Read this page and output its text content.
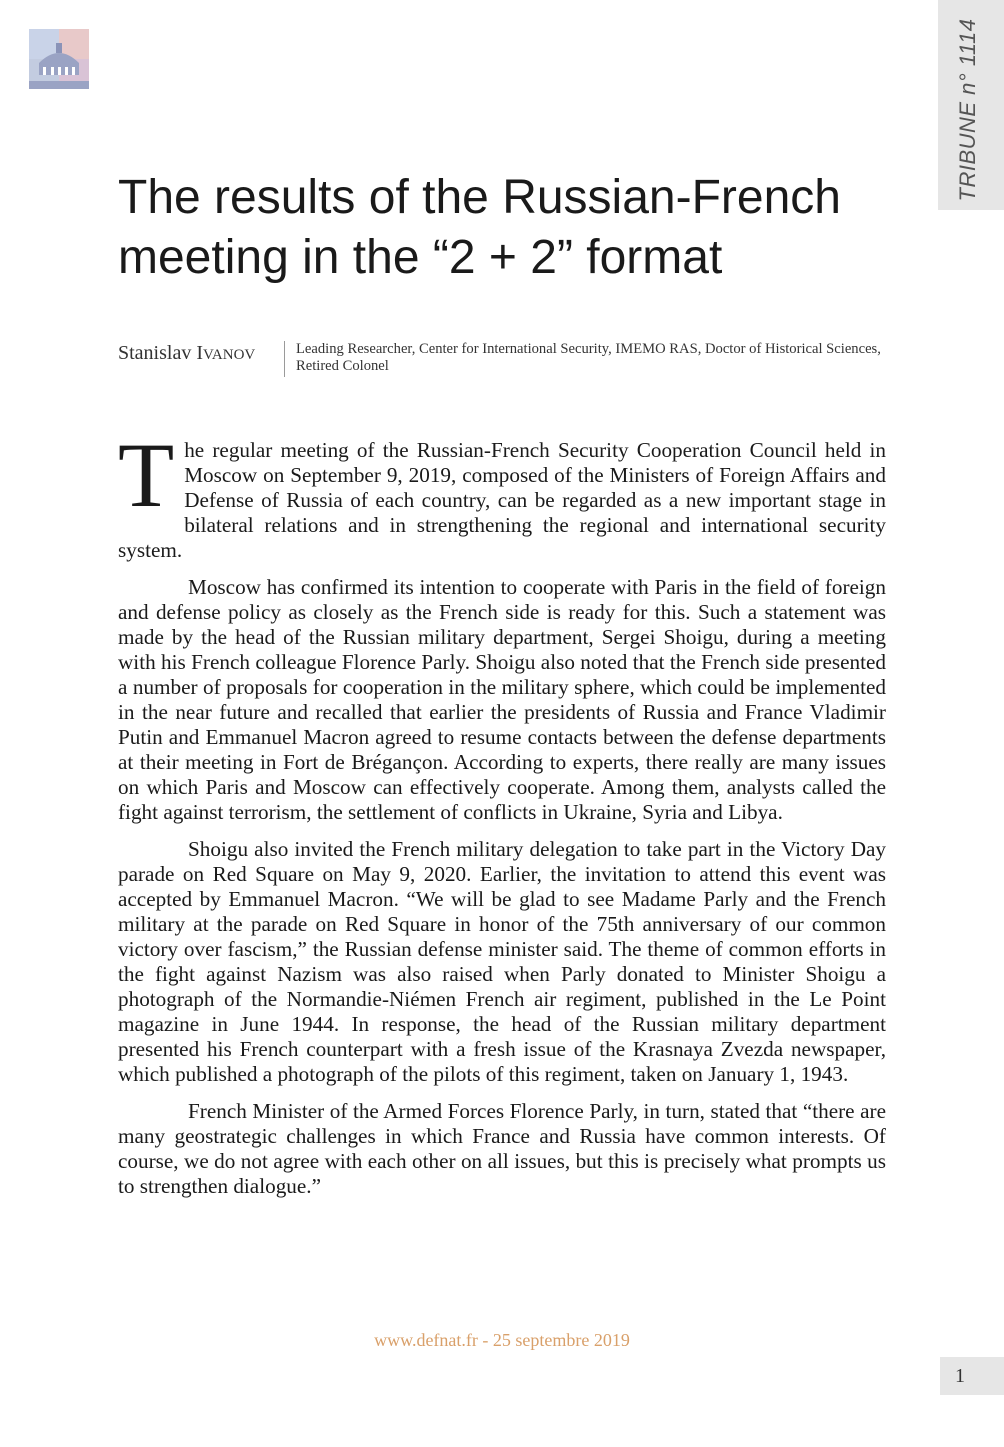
TRIBUNE n° 1114
The results of the Russian-French
meeting in the “2 + 2” format
Stanislav IVANOV	Leading Researcher, Center for International Security, IMEMO RAS, Doctor of Historical Sciences, Retired Colonel

The regular meeting of the Russian-French Security Cooperation Council held in Moscow on September 9, 2019, composed of the Ministers of Foreign Affairs and Defense of Russia of each country, can be regarded as a new important stage in bilateral relations and in strengthening the regional and international security system.

Moscow has confirmed its intention to cooperate with Paris in the field of foreign and defense policy as closely as the French side is ready for this. Such a statement was made by the head of the Russian military department, Sergei Shoigu, during a meeting with his French colleague Florence Parly. Shoigu also noted that the French side presented a number of proposals for cooperation in the military sphere, which could be implemented in the near future and recalled that earlier the presidents of Russia and France Vladimir Putin and Emmanuel Macron agreed to resume contacts between the defense departments at their meeting in Fort de Brégançon. According to experts, there really are many issues on which Paris and Moscow can effectively cooperate. Among them, analysts called the fight against terrorism, the settlement of conflicts in Ukraine, Syria and Libya.

Shoigu also invited the French military delegation to take part in the Victory Day parade on Red Square on May 9, 2020. Earlier, the invitation to attend this event was accepted by Emmanuel Macron. “We will be glad to see Madame Parly and the French military at the parade on Red Square in honor of the 75th anniversary of our common victory over fascism,” the Russian defense minister said. The theme of common efforts in the fight against Nazism was also raised when Parly donated to Minister Shoigu a photograph of the Normandie-Niémen French air regiment, published in the Le Point magazine in June 1944. In response, the head of the Russian military department presented his French counterpart with a fresh issue of the Krasnaya Zvezda newspaper, which published a photograph of the pilots of this regiment, taken on January 1, 1943.

French Minister of the Armed Forces Florence Parly, in turn, stated that “there are many geostrategic challenges in which France and Russia have common interests. Of course, we do not agree with each other on all issues, but this is precisely what prompts us to strengthen dialogue.”

www.defnat.fr - 25 septembre 2019
1
